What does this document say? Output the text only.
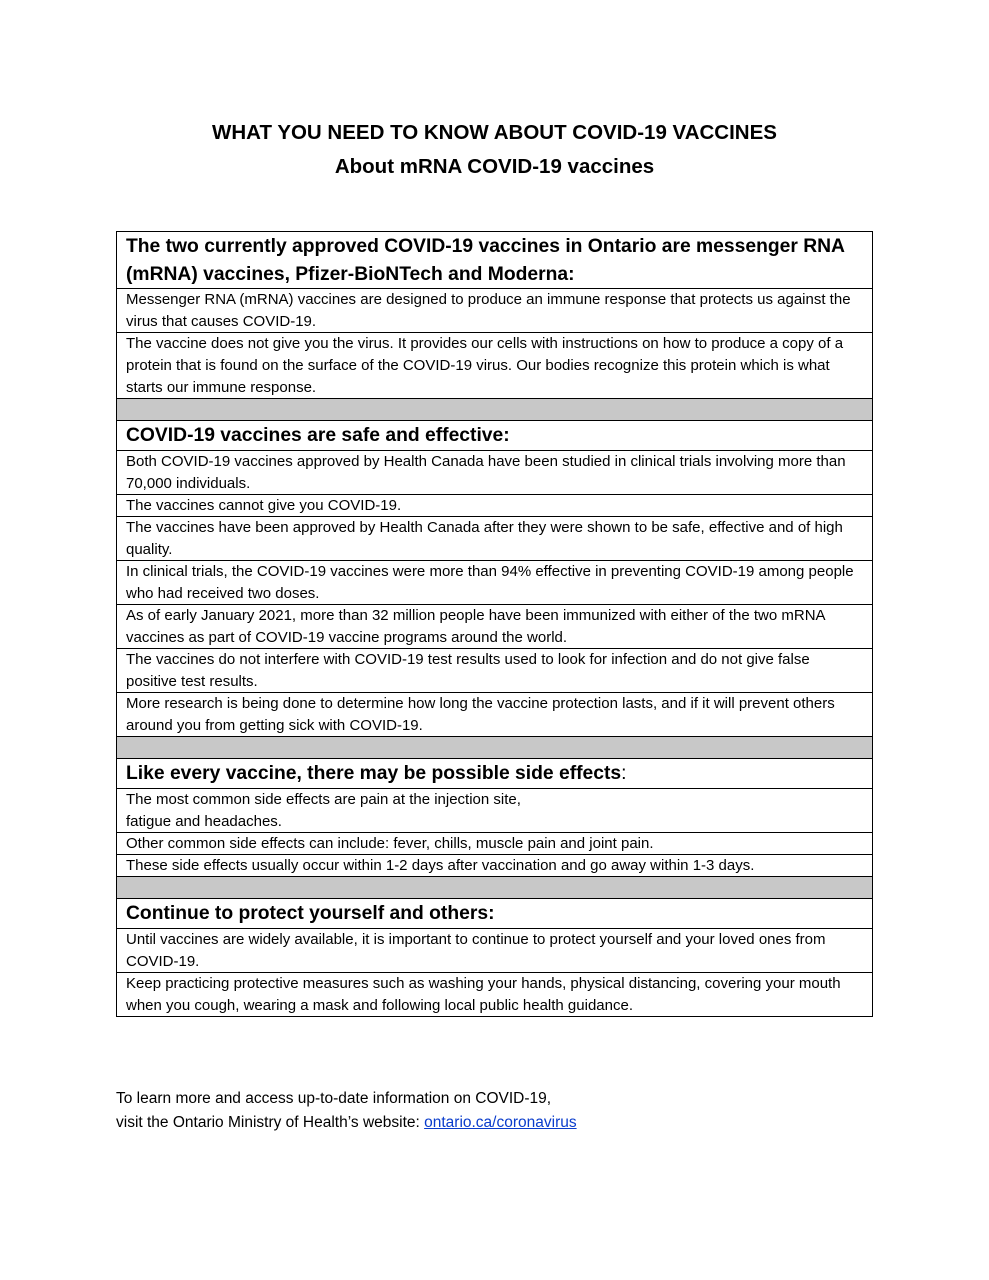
WHAT YOU NEED TO KNOW ABOUT COVID-19 VACCINES
About mRNA COVID-19 vaccines
The two currently approved COVID-19 vaccines in Ontario are messenger RNA (mRNA) vaccines, Pfizer-BioNTech and Moderna:
Messenger RNA (mRNA) vaccines are designed to produce an immune response that protects us against the virus that causes COVID-19.
The vaccine does not give you the virus. It provides our cells with instructions on how to produce a copy of a protein that is found on the surface of the COVID-19 virus. Our bodies recognize this protein which is what starts our immune response.
COVID-19 vaccines are safe and effective:
Both COVID-19 vaccines approved by Health Canada have been studied in clinical trials involving more than 70,000 individuals.
The vaccines cannot give you COVID-19.
The vaccines have been approved by Health Canada after they were shown to be safe, effective and of high quality.
In clinical trials, the COVID-19 vaccines were more than 94% effective in preventing COVID-19 among people who had received two doses.
As of early January 2021, more than 32 million people have been immunized with either of the two mRNA vaccines as part of COVID-19 vaccine programs around the world.
The vaccines do not interfere with COVID-19 test results used to look for infection and do not give false positive test results.
More research is being done to determine how long the vaccine protection lasts, and if it will prevent others around you from getting sick with COVID-19.
Like every vaccine, there may be possible side effects:
The most common side effects are pain at the injection site,
fatigue and headaches.
Other common side effects can include: fever, chills, muscle pain and joint pain.
These side effects usually occur within 1-2 days after vaccination and go away within 1-3 days.
Continue to protect yourself and others:
Until vaccines are widely available, it is important to continue to protect yourself and your loved ones from COVID-19.
Keep practicing protective measures such as washing your hands, physical distancing, covering your mouth when you cough, wearing a mask and following local public health guidance.
To learn more and access up-to-date information on COVID-19,
visit the Ontario Ministry of Health’s website: ontario.ca/coronavirus
